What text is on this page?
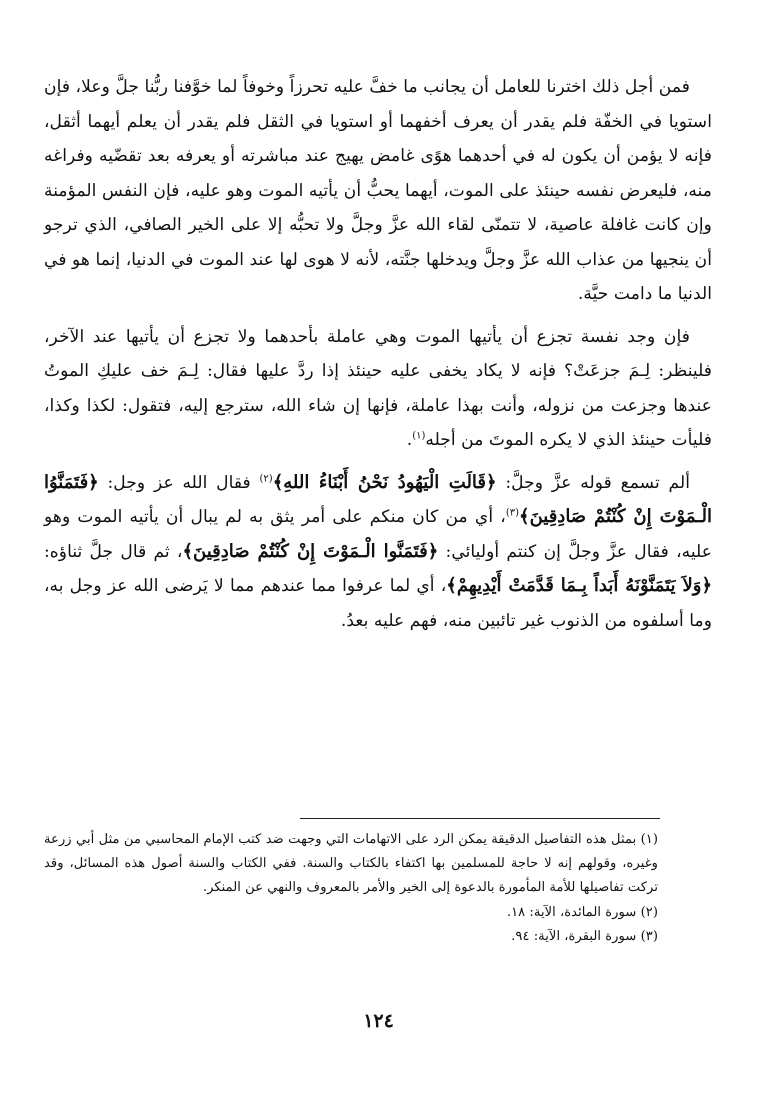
فمن أجل ذلك اخترنا للعامل أن يجانب ما خفَّ عليه تحرزاً وخوفاً لما خوَّفنا ربُّنا جلَّ وعلا، فإن استويا في الخفّة فلم يقدر أن يعرف أخفهما أو استويا في الثقل فلم يقدر أن يعلم أيهما أثقل، فإنه لا يؤمن أن يكون له في أحدهما هوًى غامض يهيج عند مباشرته أو يعرفه بعد تقضّيه وفراغه منه، فليعرض نفسه حينئذ على الموت، أيهما يحبُّ أن يأتيه الموت وهو عليه، فإن النفس المؤمنة وإن كانت غافلة عاصية، لا تتمنّى لقاء الله عزَّ وجلَّ ولا تحبُّه إلا على الخير الصافي، الذي ترجو أن ينجيها من عذاب الله عزَّ وجلَّ ويدخلها جنَّته، لأنه لا هوى لها عند الموت في الدنيا، إنما هو في الدنيا ما دامت حيَّة.

فإن وجد نفسة تجزع أن يأتيها الموت وهي عاملة بأحدهما ولا تجزع أن يأتيها عند الآخر، فلينظر: لِـمَ جزعَتْ؟ فإنه لا يكاد يخفى عليه حينئذ إذا ردَّ عليها فقال: لِـمَ خف عليكِ الموتُ عندها وجزعت من نزوله، وأنت بهذا عاملة، فإنها إن شاء الله، سترجع إليه، فتقول: لكذا وكذا، فليأت حينئذ الذي لا يكره الموتَ من أجله$^{(١)}$.

ألم تسمع قوله عزَّ وجلَّ: ﴿قَالَتِ الْيَهُودُ نَحْنُ أَبْنَاءُ اللهِ﴾$^{(٢)}$ فقال الله عز وجل: ﴿فَتَمَنَّوُا الْـمَوْتَ إِنْ كُنْتُمْ صَادِقِينَ﴾$^{(٣)}$، أي من كان منكم على أمر يثق به لم يبال أن يأتيه الموت وهو عليه، فقال عزَّ وجلَّ إن كنتم أوليائي: ﴿فَتَمَنَّوا الْـمَوْتَ إِنْ كُنْتُمْ صَادِقِينَ﴾، ثم قال جلَّ ثناؤه: ﴿وَلاَ يَتَمَنَّوْنَهُ أَبَداً بِـمَا قَدَّمَتْ أَيْدِيهِمْ﴾، أي لما عرفوا مما عندهم مما لا يَرضى الله عز وجل به، وما أسلفوه من الذنوب غير تائبين منه، فهم عليه بعدُ.

(١) بمثل هذه التفاصيل الدقيقة يمكن الرد على الاتهامات التي وجهت ضد كتب الإمام المحاسبي من مثل أبي زرعة وغيره، وقولهم إنه لا حاجة للمسلمين بها اكتفاء بالكتاب والسنة. ففي الكتاب والسنة أصول هذه المسائل، وقد تركت تفاصيلها للأمة المأمورة بالدعوة إلى الخير والأمر بالمعروف والنهي عن المنكر.

(٢) سورة المائدة، الآية: ١٨.

(٣) سورة البقرة، الآية: ٩٤.

١٢٤
